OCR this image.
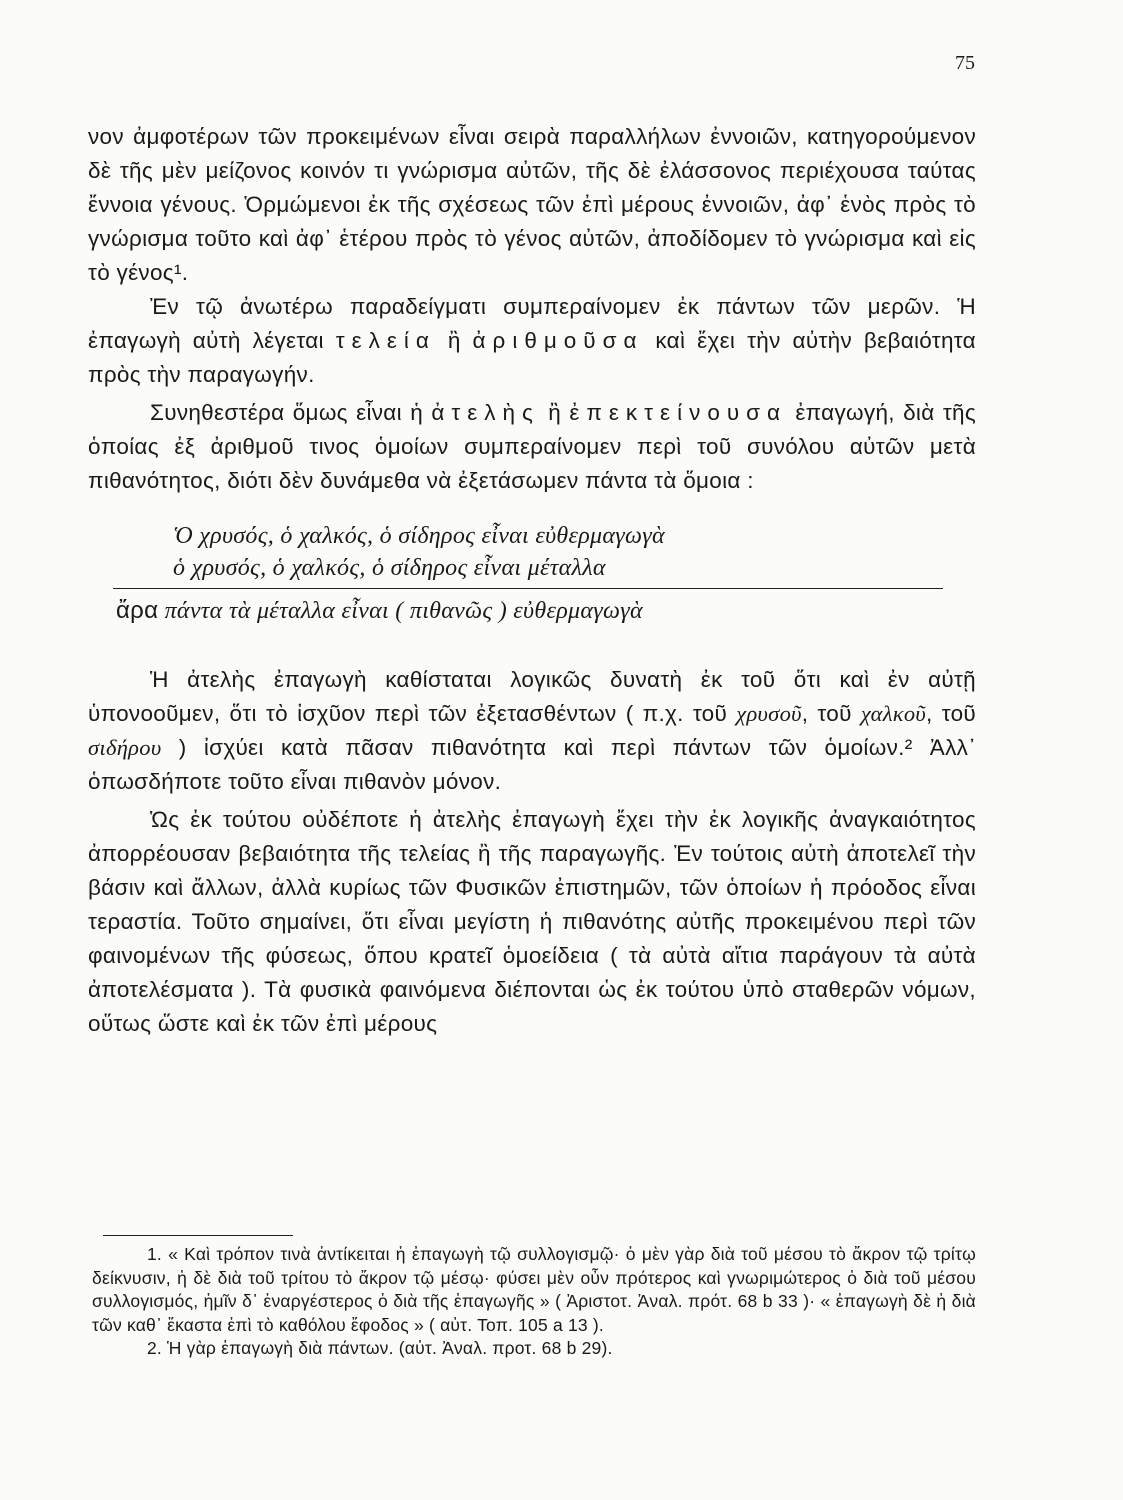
75

νον ἀμφοτέρων τῶν προκειμένων εἶναι σειρὰ παραλλήλων ἐννοιῶν, κατηγορούμενον δὲ τῆς μὲν μείζονος κοινόν τι γνώρισμα αὐτῶν, τῆς δὲ ἐλάσσονος περιέχουσα ταύτας ἔννοια γένους. Ὁρμώμενοι ἐκ τῆς σχέσεως τῶν ἐπὶ μέρους ἐννοιῶν, ἀφ᾽ ἑνὸς πρὸς τὸ γνώρισμα τοῦτο καὶ ἀφ᾽ ἑτέρου πρὸς τὸ γένος αὐτῶν, ἀποδίδομεν τὸ γνώρισμα καὶ εἰς τὸ γένος¹.

Ἐν τῷ ἀνωτέρω παραδείγματι συμπεραίνομεν ἐκ πάντων τῶν μερῶν. Ἡ ἐπαγωγὴ αὐτὴ λέγεται τελεία ἢ ἀριθμοῦσα καὶ ἔχει τὴν αὐτὴν βεβαιότητα πρὸς τὴν παραγωγήν.

Συνηθεστέρα ὅμως εἶναι ἡ ἀτελὴς ἢ ἐπεκτείνουσα ἐπαγωγή, διὰ τῆς ὁποίας ἐξ ἀριθμοῦ τινος ὁμοίων συμπεραίνομεν περὶ τοῦ συνόλου αὐτῶν μετὰ πιθανότητος, διότι δὲν δυνάμεθα νὰ ἐξετάσωμεν πάντα τὰ ὅμοια :

Ὁ χρυσός, ὁ χαλκός, ὁ σίδηρος εἶναι εὐθερμαγωγὰ
ὁ χρυσός, ὁ χαλκός, ὁ σίδηρος εἶναι μέταλλα
ἄρα πάντα τὰ μέταλλα εἶναι ( πιθανῶς ) εὐθερμαγωγὰ

Ἡ ἀτελὴς ἐπαγωγὴ καθίσταται λογικῶς δυνατὴ ἐκ τοῦ ὅτι καὶ ἐν αὐτῇ ὑπονοοῦμεν, ὅτι τὸ ἰσχῦον περὶ τῶν ἐξετασθέντων ( π.χ. τοῦ χρυσοῦ, τοῦ χαλκοῦ, τοῦ σιδήρου ) ἰσχύει κατὰ πᾶσαν πιθανότητα καὶ περὶ πάντων τῶν ὁμοίων.² Ἀλλ᾽ ὁπωσδήποτε τοῦτο εἶναι πιθανὸν μόνον.

Ὡς ἐκ τούτου οὐδέποτε ἡ ἀτελὴς ἐπαγωγὴ ἔχει τὴν ἐκ λογικῆς ἀναγκαιότητος ἀπορρέουσαν βεβαιότητα τῆς τελείας ἢ τῆς παραγωγῆς. Ἐν τούτοις αὐτὴ ἀποτελεῖ τὴν βάσιν καὶ ἄλλων, ἀλλὰ κυρίως τῶν Φυσικῶν ἐπιστημῶν, τῶν ὁποίων ἡ πρόοδος εἶναι τεραστία. Τοῦτο σημαίνει, ὅτι εἶναι μεγίστη ἡ πιθανότης αὐτῆς προκειμένου περὶ τῶν φαινομένων τῆς φύσεως, ὅπου κρατεῖ ὁμοείδεια ( τὰ αὐτὰ αἴτια παράγουν τὰ αὐτὰ ἀποτελέσματα ). Τὰ φυσικὰ φαινόμενα διέπονται ὡς ἐκ τούτου ὑπὸ σταθερῶν νόμων, οὕτως ὥστε καὶ ἐκ τῶν ἐπὶ μέρους

1. « Καὶ τρόπον τινὰ ἀντίκειται ἡ ἐπαγωγὴ τῷ συλλογισμῷ· ὁ μὲν γὰρ διὰ τοῦ μέσου τὸ ἄκρον τῷ τρίτῳ δείκνυσιν, ἡ δὲ διὰ τοῦ τρίτου τὸ ἄκρον τῷ μέσῳ· φύσει μὲν οὖν πρότερος καὶ γνωριμώτερος ὁ διὰ τοῦ μέσου συλλογισμός, ἡμῖν δ᾽ ἐναργέστερος ὁ διὰ τῆς ἐπαγωγῆς » ( Ἀριστοτ. Ἀναλ. πρότ. 68 b 33 )· « ἐπαγωγὴ δὲ ἡ διὰ τῶν καθ᾽ ἕκαστα ἐπὶ τὸ καθόλου ἔφοδος » ( αὐτ. Τοπ. 105 a 13 ).

2. Ἡ γὰρ ἐπαγωγὴ διὰ πάντων. (αὐτ. Ἀναλ. προτ. 68 b 29).
